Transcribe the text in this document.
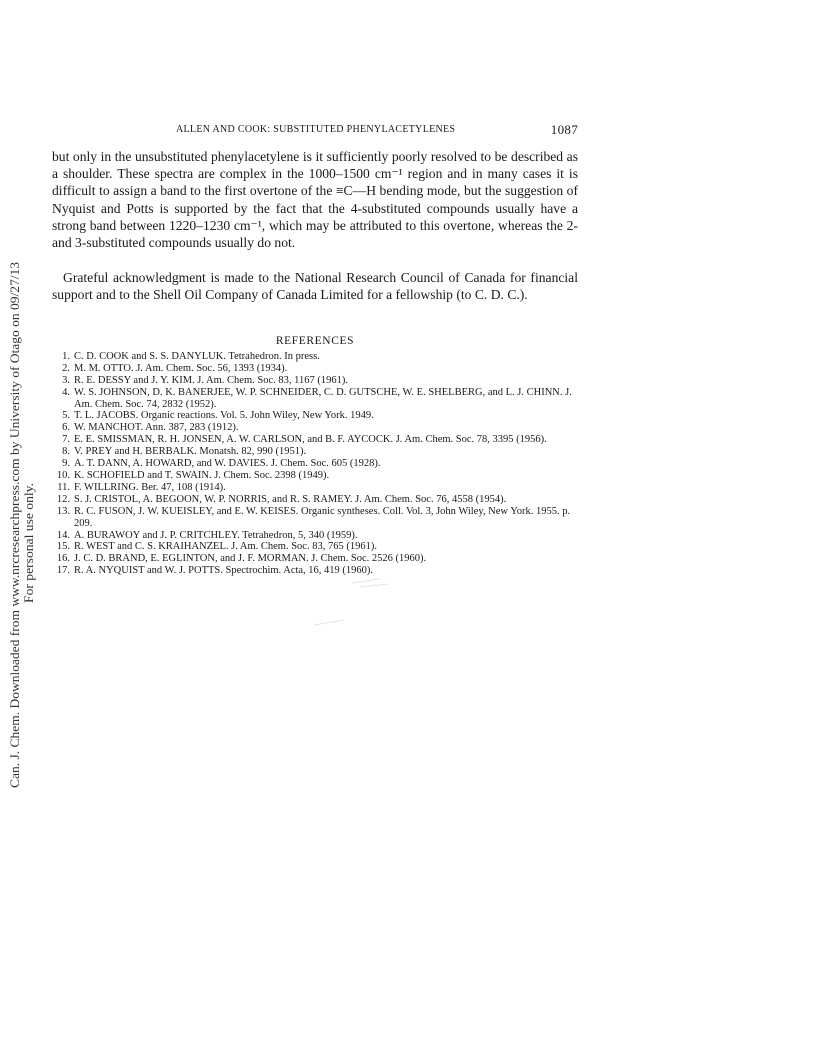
Can. J. Chem. Downloaded from www.nrcresearchpress.com by University of Otago on 09/27/13 For personal use only.
ALLEN AND COOK: SUBSTITUTED PHENYLACETYLENES	1087

but only in the unsubstituted phenylacetylene is it sufficiently poorly resolved to be described as a shoulder. These spectra are complex in the 1000–1500 cm⁻¹ region and in many cases it is difficult to assign a band to the first overtone of the ≡C—H bending mode, but the suggestion of Nyquist and Potts is supported by the fact that the 4-substituted compounds usually have a strong band between 1220–1230 cm⁻¹, which may be attributed to this overtone, whereas the 2- and 3-substituted compounds usually do not.

Grateful acknowledgment is made to the National Research Council of Canada for financial support and to the Shell Oil Company of Canada Limited for a fellowship (to C. D. C.).

REFERENCES
1. C. D. COOK and S. S. DANYLUK. Tetrahedron. In press.
2. M. M. OTTO. J. Am. Chem. Soc. 56, 1393 (1934).
3. R. E. DESSY and J. Y. KIM. J. Am. Chem. Soc. 83, 1167 (1961).
4. W. S. JOHNSON, D. K. BANERJEE, W. P. SCHNEIDER, C. D. GUTSCHE, W. E. SHELBERG, and L. J. CHINN. J. Am. Chem. Soc. 74, 2832 (1952).
5. T. L. JACOBS. Organic reactions. Vol. 5. John Wiley, New York. 1949.
6. W. MANCHOT. Ann. 387, 283 (1912).
7. E. E. SMISSMAN, R. H. JONSEN, A. W. CARLSON, and B. F. AYCOCK. J. Am. Chem. Soc. 78, 3395 (1956).
8. V. PREY and H. BERBALK. Monatsh. 82, 990 (1951).
9. A. T. DANN, A. HOWARD, and W. DAVIES. J. Chem. Soc. 605 (1928).
10. K. SCHOFIELD and T. SWAIN. J. Chem. Soc. 2398 (1949).
11. F. WILLRING. Ber. 47, 108 (1914).
12. S. J. CRISTOL, A. BEGOON, W. P. NORRIS, and R. S. RAMEY. J. Am. Chem. Soc. 76, 4558 (1954).
13. R. C. FUSON, J. W. KUEISLEY, and E. W. KEISES. Organic syntheses. Coll. Vol. 3, John Wiley, New York. 1955. p. 209.
14. A. BURAWOY and J. P. CRITCHLEY. Tetrahedron, 5, 340 (1959).
15. R. WEST and C. S. KRAIHANZEL. J. Am. Chem. Soc. 83, 765 (1961).
16. J. C. D. BRAND, E. EGLINTON, and J. F. MORMAN. J. Chem. Soc. 2526 (1960).
17. R. A. NYQUIST and W. J. POTTS. Spectrochim. Acta, 16, 419 (1960).
